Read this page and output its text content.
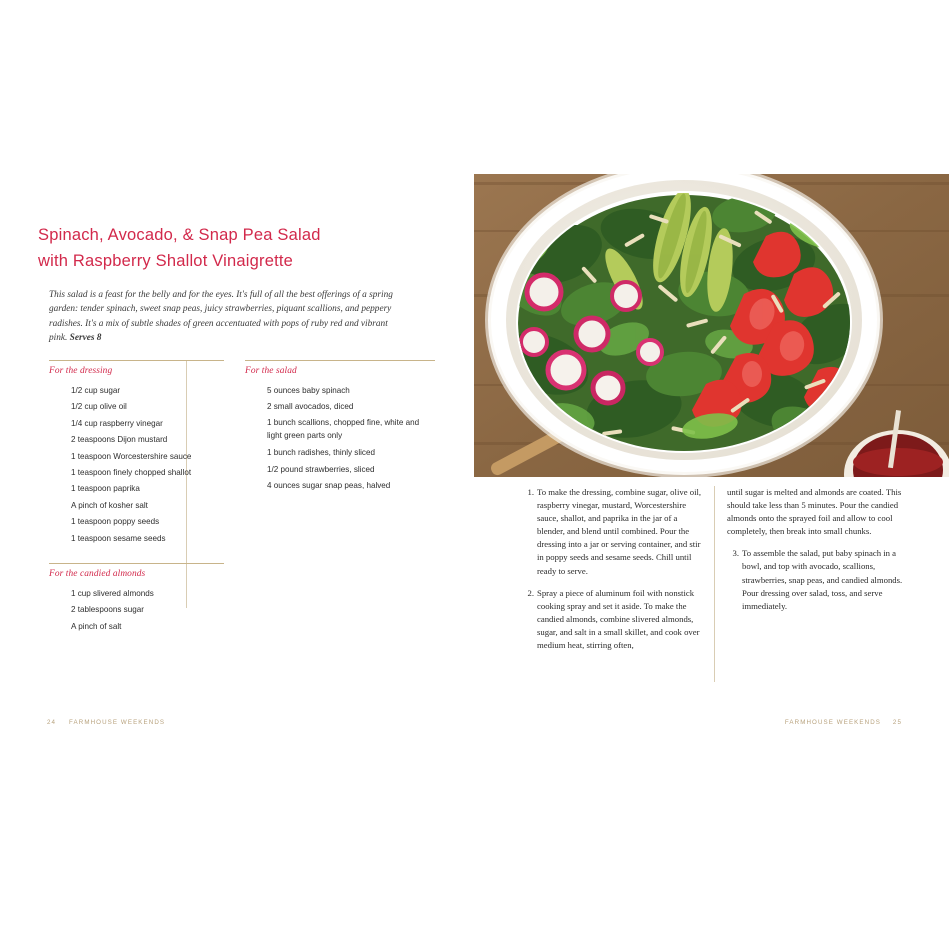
Spinach, Avocado, & Snap Pea Salad
with Raspberry Shallot Vinaigrette
This salad is a feast for the belly and for the eyes. It's full of all the best offerings of a spring garden: tender spinach, sweet snap peas, juicy strawberries, piquant scallions, and peppery radishes. It's a mix of subtle shades of green accentuated with pops of ruby red and vibrant pink. Serves 8
For the dressing
1/2 cup sugar
1/2 cup olive oil
1/4 cup raspberry vinegar
2 teaspoons Dijon mustard
1 teaspoon Worcestershire sauce
1 teaspoon finely chopped shallot
1 teaspoon paprika
A pinch of kosher salt
1 teaspoon poppy seeds
1 teaspoon sesame seeds
For the candied almonds
1 cup slivered almonds
2 tablespoons sugar
A pinch of salt
For the salad
5 ounces baby spinach
2 small avocados, diced
1 bunch scallions, chopped fine, white and light green parts only
1 bunch radishes, thinly sliced
1/2 pound strawberries, sliced
4 ounces sugar snap peas, halved
24 FARMHOUSE WEEKENDS
1. To make the dressing, combine sugar, olive oil, raspberry vinegar, mustard, Worcestershire sauce, shallot, and paprika in the jar of a blender, and blend until combined. Pour the dressing into a jar or serving container, and stir in poppy seeds and sesame seeds. Chill until ready to serve.
2. Spray a piece of aluminum foil with nonstick cooking spray and set it aside. To make the candied almonds, combine slivered almonds, sugar, and salt in a small skillet, and cook over medium heat, stirring often,
until sugar is melted and almonds are coated. This should take less than 5 minutes. Pour the candied almonds onto the sprayed foil and allow to cool completely, then break into small chunks.
3. To assemble the salad, put baby spinach in a bowl, and top with avocado, scallions, strawberries, snap peas, and candied almonds. Pour dressing over salad, toss, and serve immediately.
FARMHOUSE WEEKENDS 25
